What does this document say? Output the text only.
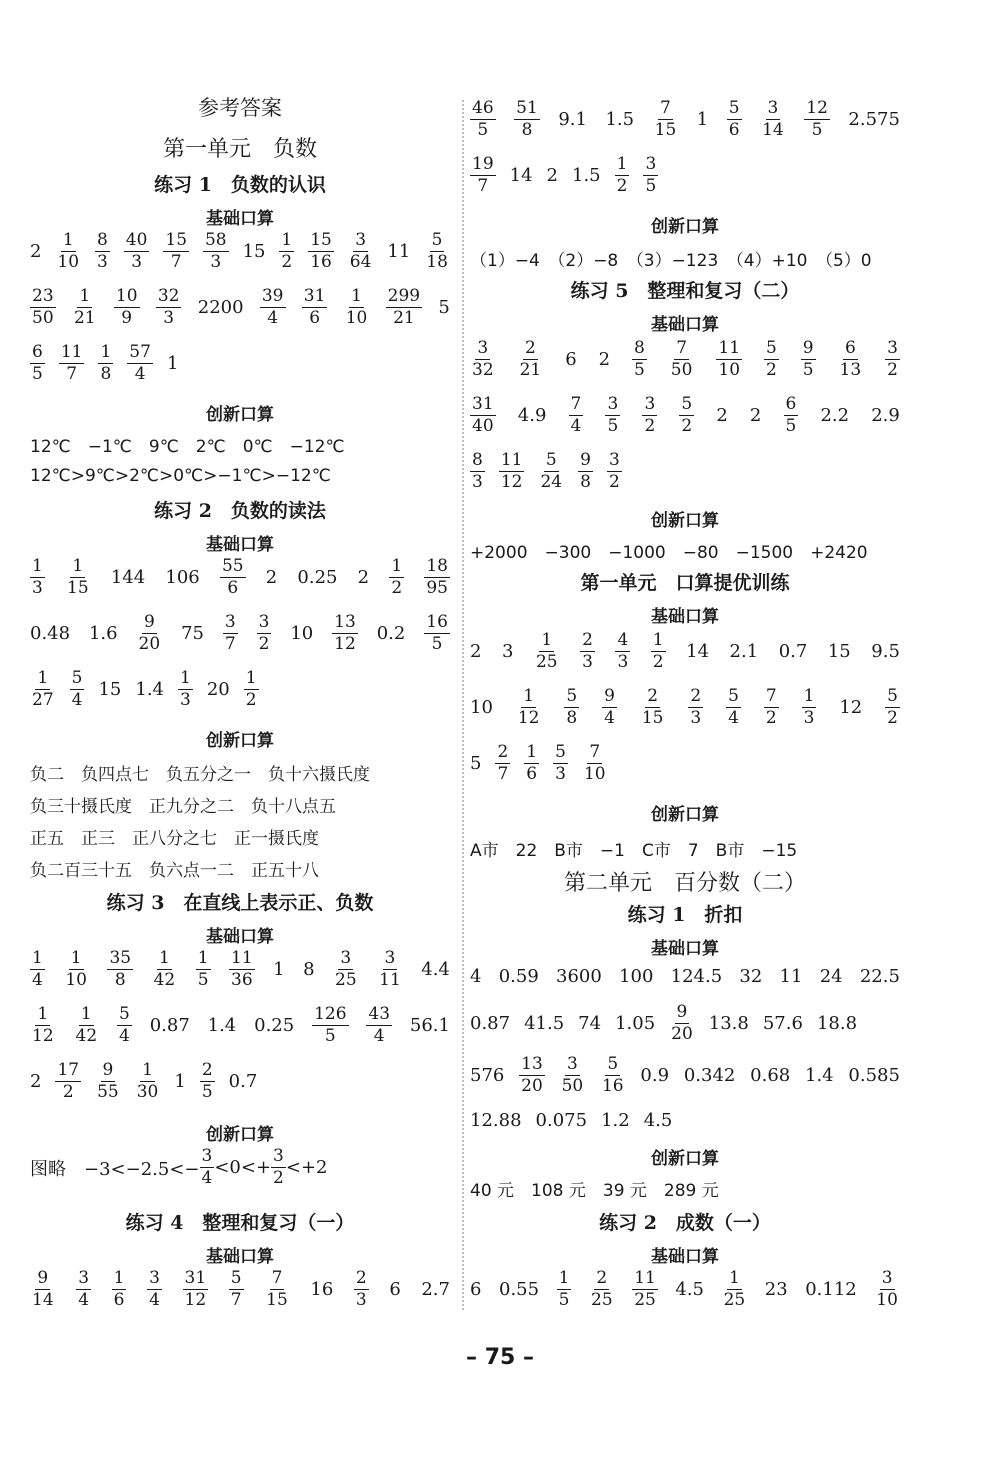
参考答案
第一单元　负数
练习 1　负数的认识
基础口算
$2 \frac{1}{10} \frac{8}{3} \frac{40}{3} \frac{15}{7} \frac{58}{3} 15 \frac{1}{2} \frac{15}{16} \frac{3}{64} 11 \frac{5}{18}$
$\frac{23}{50} \frac{1}{21} \frac{10}{9} \frac{32}{3} 2200 \frac{39}{4} \frac{31}{6} \frac{1}{10} \frac{299}{21} 5$
$\frac{6}{5} \frac{11}{7} \frac{1}{8} \frac{57}{4} 1$
创新口算
12℃　−1℃　9℃　2℃　0℃　−12℃
12℃>9℃>2℃>0℃>−1℃>−12℃
练习 2　负数的读法
基础口算
$\frac{1}{3} \frac{1}{15} 144$ $106 \frac{55}{6} 2$ 0.25 $2 \frac{1}{2} \frac{18}{95}$
0.48 $1.6 \frac{9}{20} 75 \frac{3}{7} \frac{3}{2} 10 \frac{13}{12} 0.2 \frac{16}{5}$
$\frac{1}{27} \frac{5}{4} 15$ $1.4 \frac{1}{3} 20 \frac{1}{2}$
创新口算
负二　负四点七　负五分之一　负十六摄氏度
负三十摄氏度　正九分之二　负十八点五
正五　正三　正八分之七　正一摄氏度
负二百三十五　负六点一二　正五十八
练习 3　在直线上表示正、负数
基础口算
$\frac{1}{4} \frac{1}{10} \frac{35}{8} \frac{1}{42} \frac{1}{5} \frac{11}{36} 1$ $8 \frac{3}{25} \frac{3}{11} 4.4$
$\frac{1}{12} \frac{1}{42} \frac{5}{4} 0.87$ 1.4 $0.25 \frac{126}{5} \frac{43}{4} 56.1$
$2 \frac{17}{2} \frac{9}{55} \frac{1}{30} 1 \frac{2}{5} 0.7$
创新口算
图略　$-3<-2.5<- \frac{3}{4} <0<+ \frac{3}{2} <+2$
练习 4　整理和复习（一）
基础口算
$\frac{9}{14} \frac{3}{4} \frac{1}{6} \frac{3}{4} \frac{31}{12} \frac{5}{7} \frac{7}{15} 16 \frac{2}{3} 6$ 2.7
$\frac{46}{5} \frac{51}{8} 9.1$ $1.5 \frac{7}{15} 1 \frac{5}{6} \frac{3}{14} \frac{12}{5} 2.575$
$\frac{19}{7} 14$ 2 $1.5 \frac{1}{2} \frac{3}{5}$
创新口算
（1）−4　（2）−8　（3）−123　（4）+10　（5）0
练习 5　整理和复习（二）
基础口算
$\frac{3}{32} \frac{2}{21} 6$ $2 \frac{8}{5} \frac{7}{50} \frac{11}{10} \frac{5}{2} \frac{9}{5} \frac{6}{13} \frac{3}{2}$
$\frac{31}{40} 4.9 \frac{7}{4} \frac{3}{5} \frac{3}{2} \frac{5}{2} 2$ $2 \frac{6}{5} 2.2$ 2.9
$\frac{8}{3} \frac{11}{12} \frac{5}{24} \frac{9}{8} \frac{3}{2}$
创新口算
+2000　−300　−1000　−80　−1500　+2420
第一单元　口算提优训练
基础口算
2 $3 \frac{1}{25} \frac{2}{3} \frac{4}{3} \frac{1}{2} 14$ 2.1 0.7 15 9.5
$10 \frac{1}{12} \frac{5}{8} \frac{9}{4} \frac{2}{15} \frac{2}{3} \frac{5}{4} \frac{7}{2} \frac{1}{3} 12 \frac{5}{2}$
$5 \frac{2}{7} \frac{1}{6} \frac{5}{3} \frac{7}{10}$
创新口算
A市　22　B市　−1　C市　7　B市　−15
第二单元　百分数（二）
练习 1　折扣
基础口算
4 0.59 3600 100 124.5 32 11 24 22.5
0.87 41.5 74 $1.05 \frac{9}{20} 13.8$ 57.6 18.8
$576 \frac{13}{20} \frac{3}{50} \frac{5}{16} 0.9$ 0.342 0.68 1.4 0.585
12.88 0.075 1.2 4.5
创新口算
40 元　108 元　39 元　289 元
练习 2　成数（一）
基础口算
6 $0.55 \frac{1}{5} \frac{2}{25} \frac{11}{25} 4.5 \frac{1}{25} 23$ $0.112 \frac{3}{10}$
– 75 –
